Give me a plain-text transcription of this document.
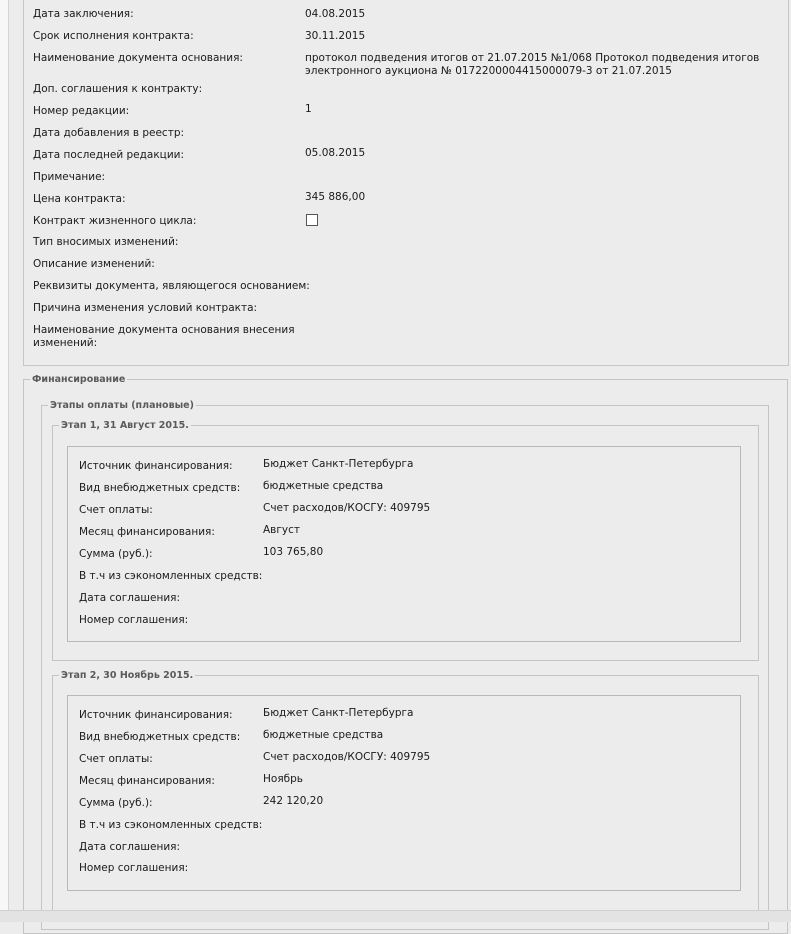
Дата заключения:	04.08.2015
Срок исполнения контракта:	30.11.2015
Наименование документа основания:	протокол подведения итогов от 21.07.2015 №1/068 Протокол подведения итогов
электронного аукциона № 0172200004415000079-3 от 21.07.2015
Доп. соглашения к контракту:
Номер редакции:	1
Дата добавления в реестр:
Дата последней редакции:	05.08.2015
Примечание:
Цена контракта:	345 886,00
Контракт жизненного цикла:
Тип вносимых изменений:
Описание изменений:
Реквизиты документа, являющегося основанием:
Причина изменения условий контракта:
Наименование документа основания внесения
изменений:
Финансирование
Этапы оплаты (плановые)
Этап 1, 31 Август 2015.
Источник финансирования:	Бюджет Санкт-Петербурга
Вид внебюджетных средств: бюджетные средства
Счет оплаты:	Счет расходов/КОСГУ: 409795
Месяц финансирования:	Август
Сумма (руб.):	103 765,80
В т.ч из сэкономленных средств:
Дата соглашения:
Номер соглашения:
Этап 2, 30 Ноябрь 2015.
Источник финансирования:	Бюджет Санкт-Петербурга
Вид внебюджетных средств: бюджетные средства
Счет оплаты:	Счет расходов/КОСГУ: 409795
Месяц финансирования:	Ноябрь
Сумма (руб.):	242 120,20
В т.ч из сэкономленных средств:
Дата соглашения:
Номер соглашения:
